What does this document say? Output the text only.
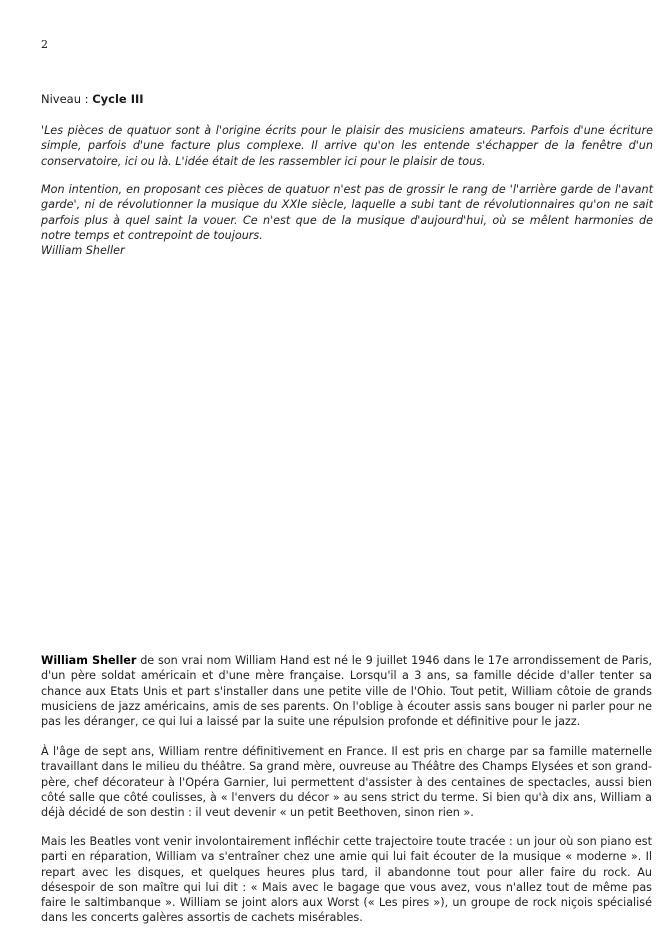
2
Niveau : Cycle III

'Les pièces de quatuor sont à l'origine écrits pour le plaisir des musiciens amateurs. Parfois d'une écriture simple, parfois d'une facture plus complexe. Il arrive qu'on les entende s'échapper de la fenêtre d'un conservatoire, ici ou là. L'idée était de les rassembler ici pour le plaisir de tous.

Mon intention, en proposant ces pièces de quatuor n'est pas de grossir le rang de 'l'arrière garde de l'avant garde', ni de révolutionner la musique du XXIe siècle, laquelle a subi tant de révolutionnaires qu'on ne sait parfois plus à quel saint la vouer. Ce n'est que de la musique d'aujourd'hui, où se mêlent harmonies de notre temps et contrepoint de toujours.

William Sheller

William Sheller de son vrai nom William Hand est né le 9 juillet 1946 dans le 17e arrondissement de Paris, d'un père soldat américain et d'une mère française. Lorsqu'il a 3 ans, sa famille décide d'aller tenter sa chance aux Etats Unis et part s'installer dans une petite ville de l'Ohio. Tout petit, William côtoie de grands musiciens de jazz américains, amis de ses parents. On l'oblige à écouter assis sans bouger ni parler pour ne pas les déranger, ce qui lui a laissé par la suite une répulsion profonde et définitive pour le jazz.

À l'âge de sept ans, William rentre définitivement en France. Il est pris en charge par sa famille maternelle travaillant dans le milieu du théâtre. Sa grand mère, ouvreuse au Théâtre des Champs Elysées et son grand-père, chef décorateur à l'Opéra Garnier, lui permettent d'assister à des centaines de spectacles, aussi bien côté salle que côté coulisses, à « l'envers du décor » au sens strict du terme. Si bien qu'à dix ans, William a déjà décidé de son destin : il veut devenir « un petit Beethoven, sinon rien ».

Mais les Beatles vont venir involontairement infléchir cette trajectoire toute tracée : un jour où son piano est parti en réparation, William va s'entraîner chez une amie qui lui fait écouter de la musique « moderne ». Il repart avec les disques, et quelques heures plus tard, il abandonne tout pour aller faire du rock. Au désespoir de son maître qui lui dit : « Mais avec le bagage que vous avez, vous n'allez tout de même pas faire le saltimbanque ». William se joint alors aux Worst (« Les pires »), un groupe de rock niçois spécialisé dans les concerts galères assortis de cachets misérables.
